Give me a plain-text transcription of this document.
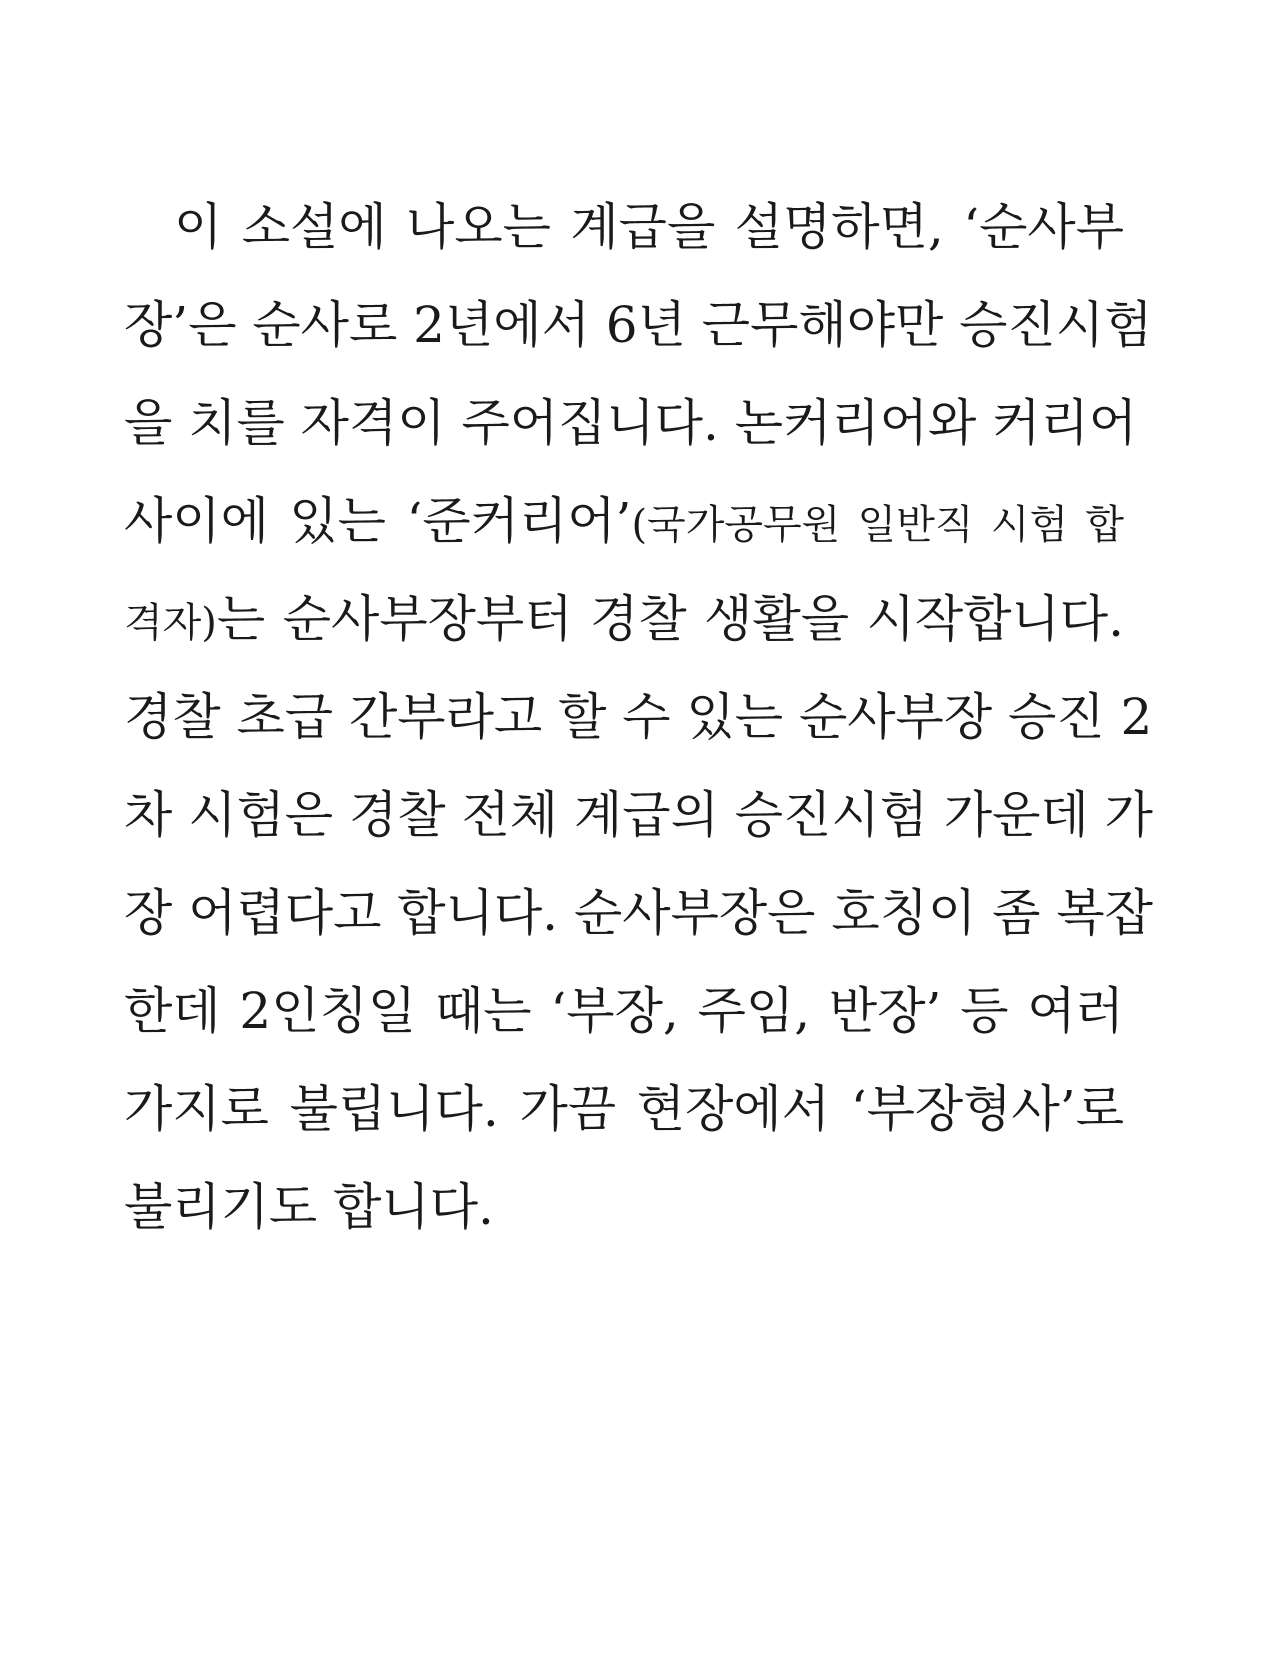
이 소설에 나오는 계급을 설명하면, ‘순사부
장’은 순사로 2년에서 6년 근무해야만 승진시험
을 치를 자격이 주어집니다. 논커리어와 커리어
사이에 있는 ‘준커리어’(국가공무원 일반직 시험 합
격자)는 순사부장부터 경찰 생활을 시작합니다.
경찰 초급 간부라고 할 수 있는 순사부장 승진 2
차 시험은 경찰 전체 계급의 승진시험 가운데 가
장 어렵다고 합니다. 순사부장은 호칭이 좀 복잡
한데 2인칭일 때는 ‘부장, 주임, 반장’ 등 여러
가지로 불립니다. 가끔 현장에서 ‘부장형사’로
불리기도 합니다.
